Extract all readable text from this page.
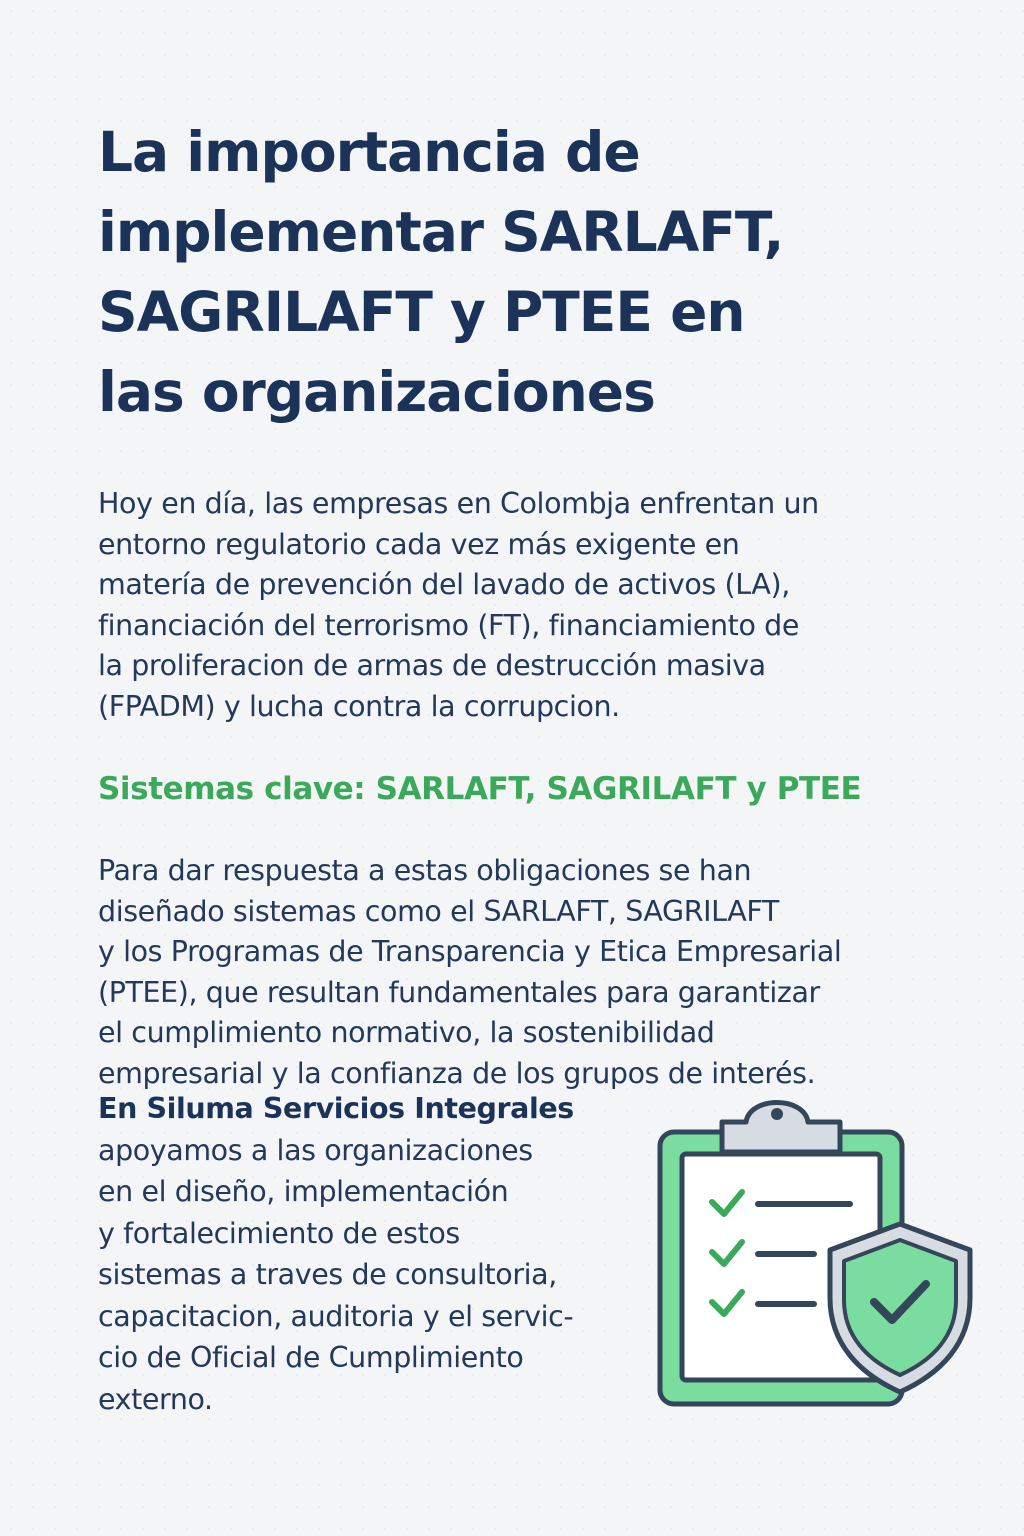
La importancia de
implementar SARLAFT,
SAGRILAFT y PTEE en
las organizaciones

Hoy en día, las empresas en Colombja enfrentan un
entorno regulatorio cada vez más exigente en
matería de prevención del lavado de activos (LA),
financiación del terrorismo (FT), financiamiento de
la proliferacion de armas de destrucción masiva
(FPADM) y lucha contra la corrupcion.

Sistemas clave: SARLAFT, SAGRILAFT y PTEE

Para dar respuesta a estas obligaciones se han
diseñado sistemas como el SARLAFT, SAGRILAFT
y los Programas de Transparencia y Etica Empresarial
(PTEE), que resultan fundamentales para garantizar
el cumplimiento normativo, la sostenibilidad
empresarial y la confianza de los grupos de interés.

En Siluma Servicios Integrales
apoyamos a las organizaciones
en el diseño, implementación
y fortalecimiento de estos
sistemas a traves de consultoria,
capacitacion, auditoria y el servic-
cio de Oficial de Cumplimiento
externo.
